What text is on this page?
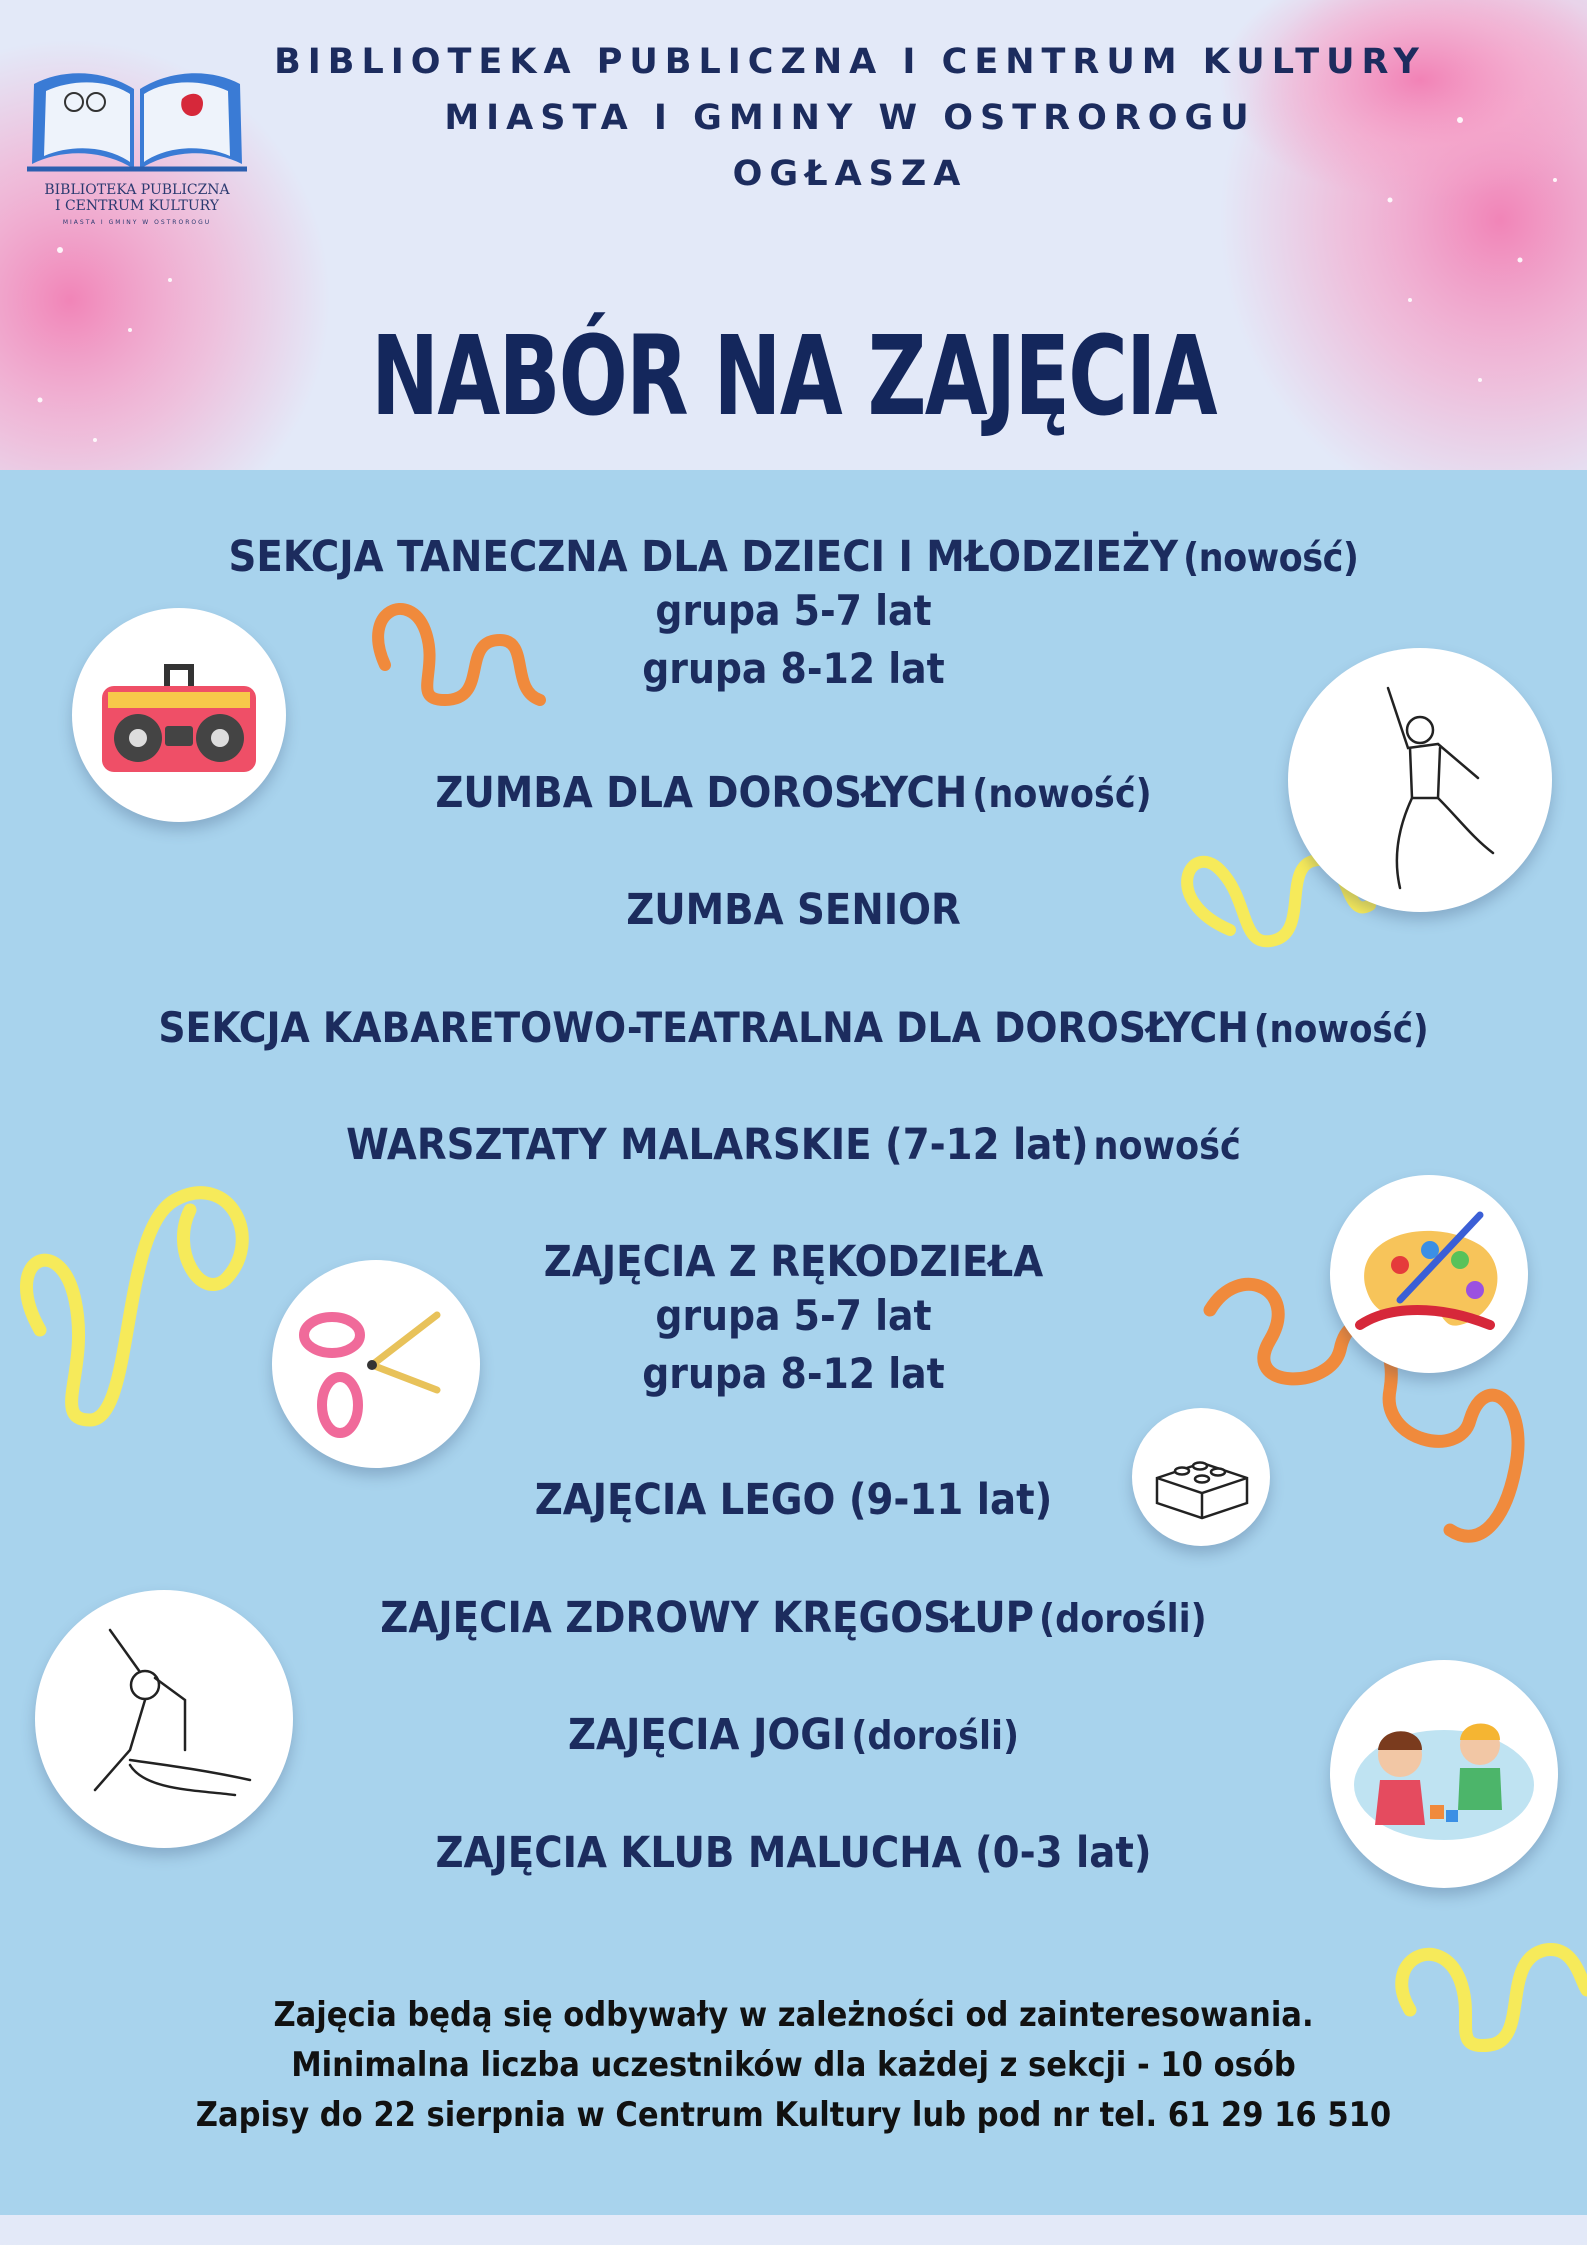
BIBLIOTEKA PUBLICZNA
I CENTRUM KULTURY
MIASTA I GMINY W OSTROROGU
BIBLIOTEKA PUBLICZNA I CENTRUM KULTURY
MIASTA I GMINY W OSTROROGU
OGŁASZA
NABÓR NA ZAJĘCIA
SEKCJA TANECZNA DLA DZIECI I MŁODZIEŻY (nowość)
grupa 5-7 lat
grupa 8-12 lat
ZUMBA DLA DOROSŁYCH (nowość)
ZUMBA SENIOR
SEKCJA KABARETOWO-TEATRALNA DLA DOROSŁYCH (nowość)
WARSZTATY MALARSKIE (7-12 lat) nowość
ZAJĘCIA Z RĘKODZIEŁA
grupa 5-7 lat
grupa 8-12 lat
ZAJĘCIA LEGO (9-11 lat)
ZAJĘCIA ZDROWY KRĘGOSŁUP (dorośli)
ZAJĘCIA JOGI (dorośli)
ZAJĘCIA KLUB MALUCHA (0-3 lat)
Zajęcia będą się odbywały w zależności od zainteresowania.
Minimalna liczba uczestników dla każdej z sekcji - 10 osób
Zapisy do 22 sierpnia w Centrum Kultury lub pod nr tel. 61 29 16 510
